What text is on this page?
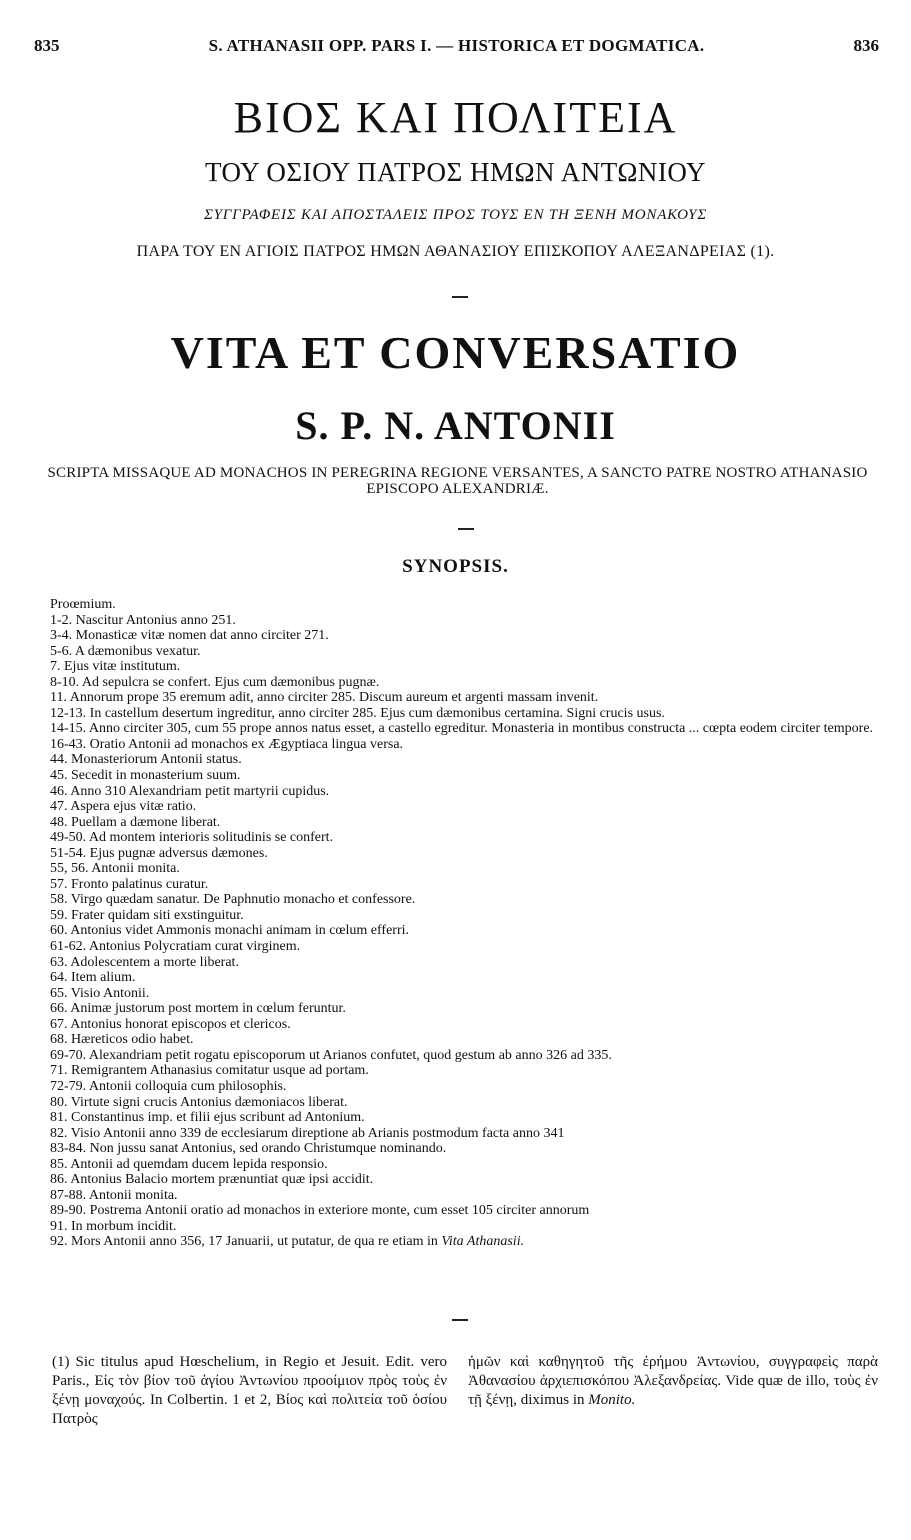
835	S. ATHANASII OPP. PARS I. — HISTORICA ET DOGMATICA.	836
ΒΙΟΣ ΚΑΙ ΠΟΛΙΤΕΙΑ
ΤΟΥ ΟΣΙΟΥ ΠΑΤΡΟΣ ΗΜΩΝ ΑΝΤΩΝΙΟΥ
ΣΥΓΓΡΑΦΕΙΣ ΚΑΙ ΑΠΟΣΤΑΛΕΙΣ ΠΡΟΣ ΤΟΥΣ ΕΝ ΤΗ ΞΕΝΗ ΜΟΝΑΚΟΥΣ
ΠΑΡΑ ΤΟΥ ΕΝ ΑΓΙΟΙΣ ΠΑΤΡΟΣ ΗΜΩΝ ΑΘΑΝΑΣΙΟΥ ΕΠΙΣΚΟΠΟΥ ΑΛΕΞΑΝΔΡΕΙΑΣ (1).
VITA ET CONVERSATIO
S. P. N. ANTONII
SCRIPTA MISSAQUE AD MONACHOS IN PEREGRINA REGIONE VERSANTES, A SANCTO PATRE NOSTRO ATHANASIO EPISCOPO ALEXANDRIÆ.
SYNOPSIS.
Proœmium.
1-2. Nascitur Antonius anno 251.
3-4. Monasticæ vitæ nomen dat anno circiter 271.
5-6. A dæmonibus vexatur.
7. Ejus vitæ institutum.
8-10. Ad sepulcra se confert. Ejus cum dæmonibus pugnæ.
11. Annorum prope 35 eremum adit, anno circiter 285. Discum aureum et argenti massam invenit.
12-13. In castellum desertum ingreditur, anno circiter 285. Ejus cum dæmonibus certamina. Signi crucis usus.
14-15. Anno circiter 305, cum 55 prope annos natus esset, a castello egreditur. Monasteria in montibus constructa ... cœpta eodem circiter tempore.
16-43. Oratio Antonii ad monachos ex Ægyptiaca lingua versa.
44. Monasteriorum Antonii status.
45. Secedit in monasterium suum.
46. Anno 310 Alexandriam petit martyrii cupidus.
47. Aspera ejus vitæ ratio.
48. Puellam a dæmone liberat.
49-50. Ad montem interioris solitudinis se confert.
51-54. Ejus pugnæ adversus dæmones.
55, 56. Antonii monita.
57. Fronto palatinus curatur.
58. Virgo quædam sanatur. De Paphnutio monacho et confessore.
59. Frater quidam siti exstinguitur.
60. Antonius videt Ammonis monachi animam in cœlum efferri.
61-62. Antonius Polycratiam curat virginem.
63. Adolescentem a morte liberat.
64. Item alium.
65. Visio Antonii.
66. Animæ justorum post mortem in cœlum feruntur.
67. Antonius honorat episcopos et clericos.
68. Hæreticos odio habet.
69-70. Alexandriam petit rogatu episcoporum ut Arianos confutet, quod gestum ab anno 326 ad 335.
71. Remigrantem Athanasius comitatur usque ad portam.
72-79. Antonii colloquia cum philosophis.
80. Virtute signi crucis Antonius dæmoniacos liberat.
81. Constantinus imp. et filii ejus scribunt ad Antonium.
82. Visio Antonii anno 339 de ecclesiarum direptione ab Arianis postmodum facta anno 341
83-84. Non jussu sanat Antonius, sed orando Christumque nominando.
85. Antonii ad quemdam ducem lepida responsio.
86. Antonius Balacio mortem prænuntiat quæ ipsi accidit.
87-88. Antonii monita.
89-90. Postrema Antonii oratio ad monachos in exteriore monte, cum esset 105 circiter annorum
91. In morbum incidit.
92. Mors Antonii anno 356, 17 Januarii, ut putatur, de qua re etiam in Vita Athanasii.
(1) Sic titulus apud Hœschelium, in Regio et Jesuit. Edit. vero Paris., Εἰς τὸν βίον τοῦ ἁγίου Ἀντωνίου προοίμιον πρὸς τοὺς ἐν ξένῃ μοναχούς. In Colbertin. 1 et 2, Βίος καὶ πολιτεία τοῦ ὁσίου Πατρὸς
ἡμῶν καὶ καθηγητοῦ τῆς ἐρήμου Ἀντωνίου, συγγραφεὶς παρὰ Ἀθανασίου ἀρχιεπισκόπου Ἀλεξανδρείας. Vide quæ de illo, τοὺς ἐν τῇ ξένῃ, diximus in Monito.
